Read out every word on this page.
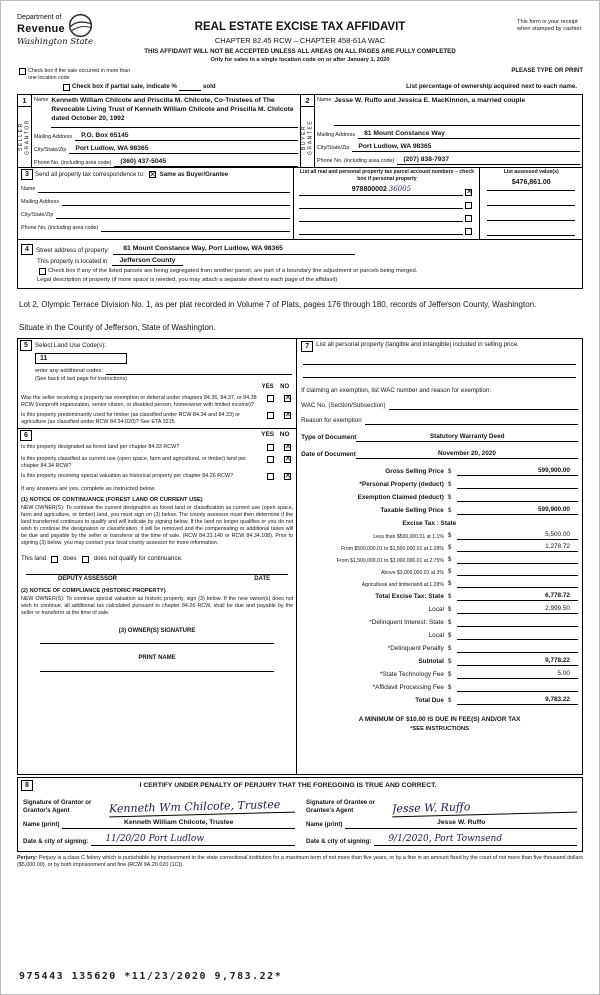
Department of
Revenue
Washington State
REAL ESTATE EXCISE TAX AFFIDAVIT
CHAPTER 82.45 RCW – CHAPTER 458-61A WAC
THIS AFFIDAVIT WILL NOT BE ACCEPTED UNLESS ALL AREAS ON ALL PAGES ARE FULLY COMPLETED
Only for sales in a single location code on or after January 1, 2020
This form is your receipt when stamped by cashier.
Check box if the sale occurred in more than one location code
PLEASE TYPE OR PRINT
Check box if partial sale, indicate %	sold	List percentage of ownership acquired next to each name.
1
SELLER GRANTOR
Name Kenneth William Chilcote and Priscilla M. Chilcote, Co-Trustees of The Revocable Living Trust of Kenneth William Chilcote and Priscilla M. Chilcote dated October 20, 1992
Mailing Address	P.O. Box 65145
City/State/Zip	Port Ludlow, WA 98365
Phone No. (including area code)	(360) 437-5045
2
BUYER GRANTEE
Name Jesse W. Ruffo and Jessica E. MacKinnon, a married couple
Mailing Address	81 Mount Constance Way
City/State/Zip	Port Ludlow, WA 98365
Phone No. (including area code)	(207) 838-7937
3 Send all property tax correspondence to: ✕ Same as Buyer/Grantee
Name
Mailing Address
City/State/Zip
Phone No. (including area code)
List all real and personal property tax parcel account numbers – check box if personal property
978800002 36005
✕
List assessed value(s)
$476,861.00
4	Street address of property:	81 Mount Constance Way, Port Ludlow, WA 98365
This property is located in	Jefferson County
Check box if any of the listed parcels are being segregated from another parcel, are part of a boundary line adjustment or parcels being merged.
Legal description of property (if more space is needed, you may attach a separate sheet to each page of the affidavit)
Lot 2, Olympic Terrace Division No. 1, as per plat recorded in Volume 7 of Plats, pages 176 through 180, records of Jefferson County, Washington.
Situate in the County of Jefferson, State of Washington.
5	Select Land Use Code(s):
11
enter any additional codes:
(See back of last page for instructions)
YES	NO
Was the seller receiving a property tax exemption or deferral under chapters 84.36, 84.37, or 84.38 RCW (nonprofit organization, senior citizen, or disabled person, homeowner with limited income)?
✕
Is this property predominantly used for timber (as classified under RCW 84.34 and 84.33) or agriculture (as classified under RCW 84.34.020)? See ETA 3215
✕
6	YES NO
Is this property designated as forest land per chapter 84.33 RCW?
✕
Is this property classified as current use (open space, farm and agricultural, or timber) land per chapter 84.34 RCW?
✕
Is this property receiving special valuation as historical property per chapter 84.26 RCW?
✕
If any answers are yes, complete as instructed below.
(1) NOTICE OF CONTINUANCE (FOREST LAND OR CURRENT USE)
NEW OWNER(S): To continue the current designation as forest land or classification as current use (open space, farm and agriculture, or timber) land, you must sign on (3) below. The county assessor must then determine if the land transferred continues to qualify and will indicate by signing below. If the land no longer qualifies or you do not wish to continue the designation or classification, it will be removed and the compensating or additional taxes will be due and payable by the seller or transferor at the time of sale. (RCW 84.33.140 or RCW 84.34.108). Prior to signing (3) below, you may contact your local county assessor for more information.
This land	does	does not qualify for continuance.
DEPUTY ASSESSOR	DATE
(2) NOTICE OF COMPLIANCE (HISTORIC PROPERTY)
NEW OWNER(S): To continue special valuation as historic property, sign (3) below. If the new owner(s) does not wish to continue, all additional tax calculated pursuant to chapter 84.26 RCW, shall be due and payable by the seller or transferor at the time of sale.
(3) OWNER(S) SIGNATURE
PRINT NAME
7	List all personal property (tangible and intangible) included in selling price.
If claiming an exemption, list WAC number and reason for exemption:
WAC No. (Section/Subsection)
Reason for exemption
Type of Document	Statutory Warranty Deed
Date of Document	November 20, 2020
Gross Selling Price $	599,900.00
*Personal Property (deduct) $
Exemption Claimed (deduct) $
Taxable Selling Price $	599,900.00
Excise Tax : State
Less than $500,000.01 at 1.1% $	5,500.00
From $500,000.01 to $1,500,000.01 at 1.28% $	1,278.72
From $1,500,000.01 to $3,000,000.01 at 2.75% $
Above $3,000,000.01 at 3% $
Agricultural and timberland at 1.28% $
Total Excise Tax: State $	6,778.72
Local $	2,999.50
*Delinquent Interest: State $
Local $
*Delinquent Penalty $
Subtotal $	9,778.22
*State Technology Fee $	5.00
*Affidavit Processing Fee $
Total Due $	9,783.22
A MINIMUM OF $10.00 IS DUE IN FEE(S) AND/OR TAX
*SEE INSTRUCTIONS
8	I CERTIFY UNDER PENALTY OF PERJURY THAT THE FOREGOING IS TRUE AND CORRECT.
Signature of Grantor or Grantor's Agent	Kenneth Wm Chilcote, Trustee
Name (print)	Kenneth William Chilcote, Trustee
Date & city of signing:	11/20/20 Port Ludlow
Signature of Grantee or Grantee's Agent	Jesse W. Ruffo
Name (print)	Jesse W. Ruffo
Date & city of signing:	9/1/2020, Port Townsend
Perjury: Perjury is a class C felony which is punishable by imprisonment in the state correctional institution for a maximum term of not more than five years, or by a fine in an amount fixed by the court of not more than five thousand dollars ($5,000.00), or by both imprisonment and fine (RCW 9A.20.020 (1C)).
975443 135620 *11/23/2020 9,783.22*
